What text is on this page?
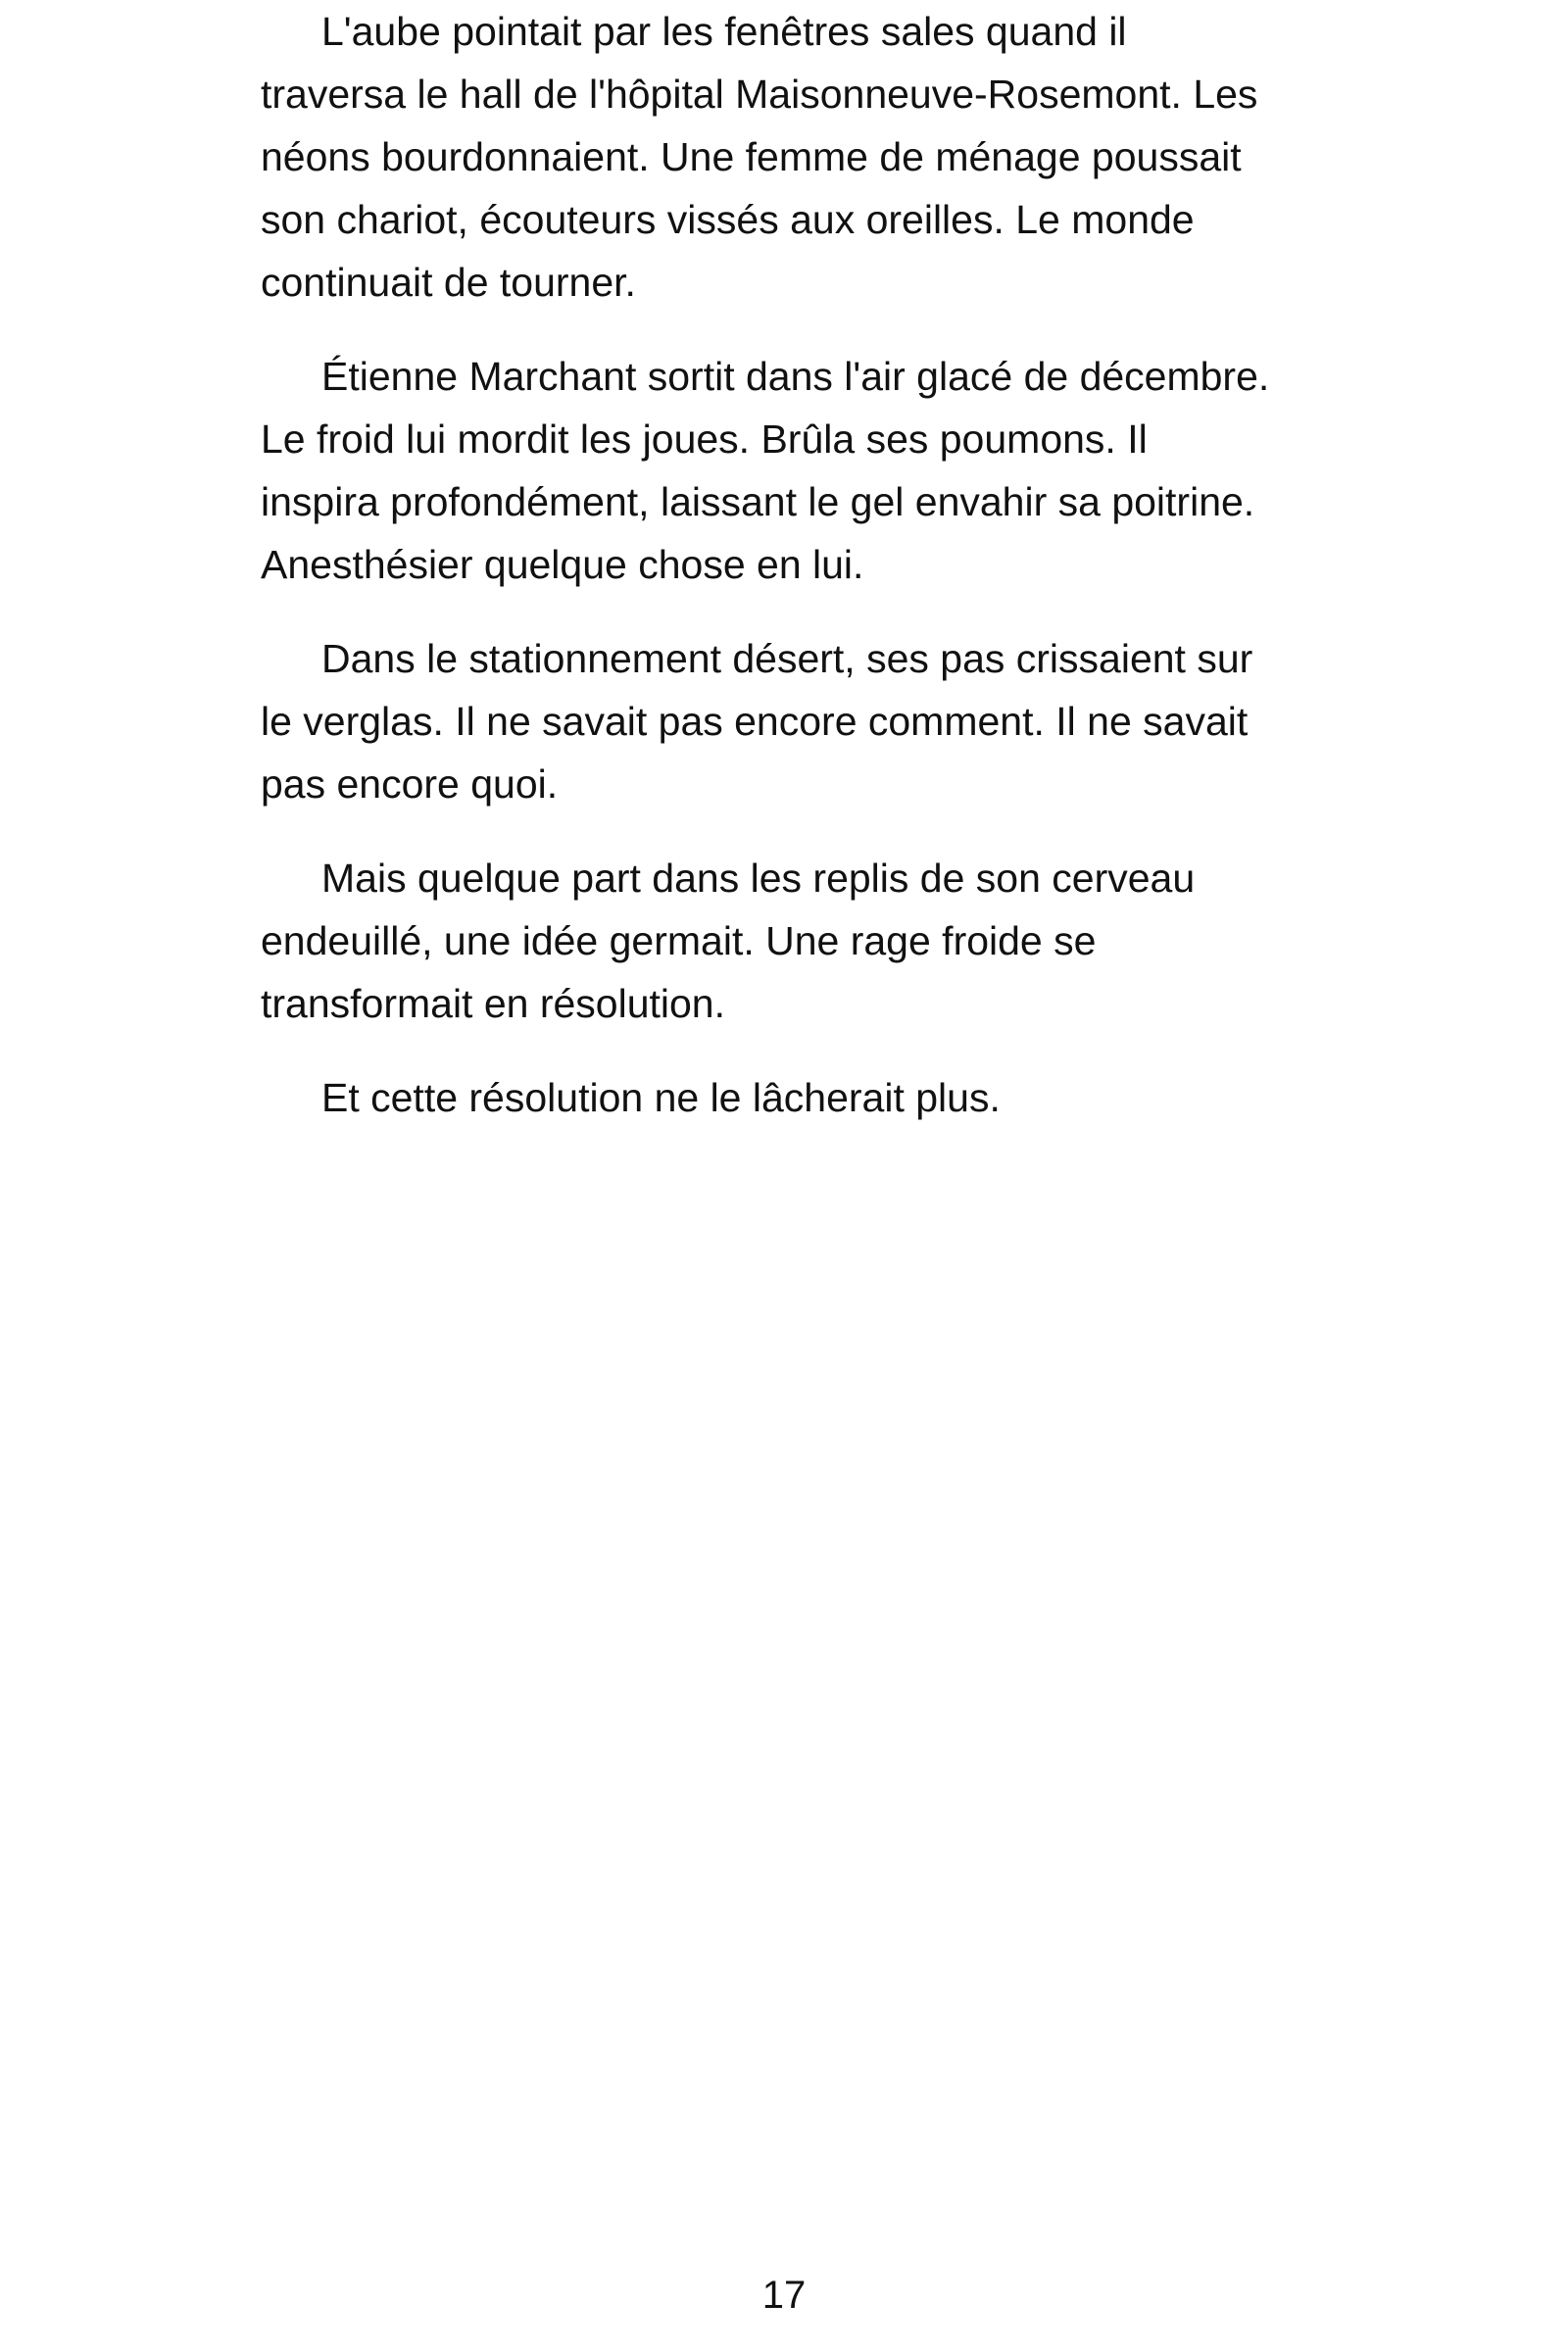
L'aube pointait par les fenêtres sales quand il
traversa le hall de l'hôpital Maisonneuve-Rosemont. Les
néons bourdonnaient. Une femme de ménage poussait
son chariot, écouteurs vissés aux oreilles. Le monde
continuait de tourner.

Étienne Marchant sortit dans l'air glacé de décembre.
Le froid lui mordit les joues. Brûla ses poumons. Il
inspira profondément, laissant le gel envahir sa poitrine.
Anesthésier quelque chose en lui.

Dans le stationnement désert, ses pas crissaient sur
le verglas. Il ne savait pas encore comment. Il ne savait
pas encore quoi.

Mais quelque part dans les replis de son cerveau
endeuillé, une idée germait. Une rage froide se
transformait en résolution.

Et cette résolution ne le lâcherait plus.

17
